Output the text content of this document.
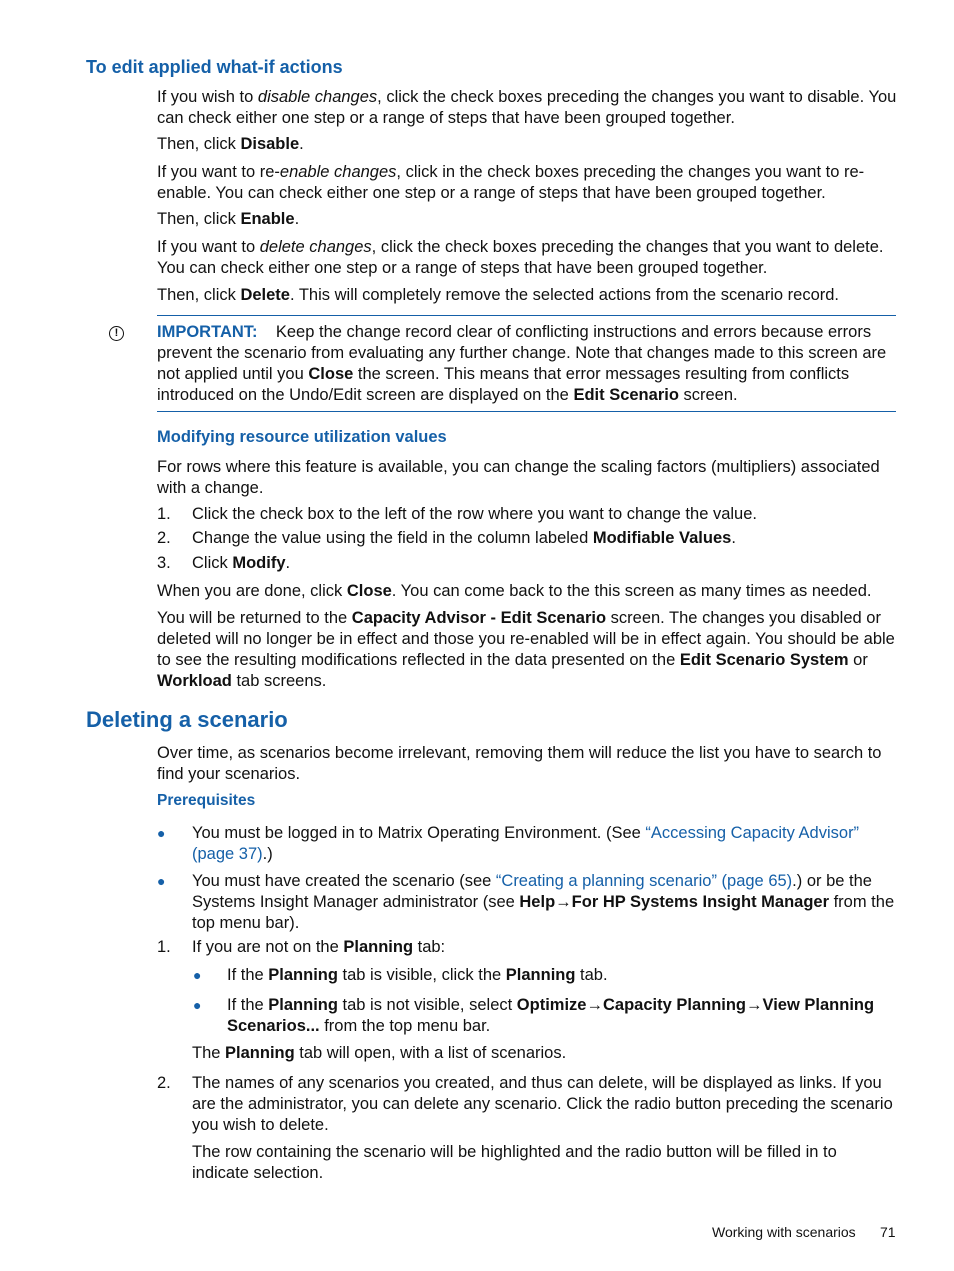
To edit applied what-if actions

If you wish to disable changes, click the check boxes preceding the changes you want to disable. You can check either one step or a range of steps that have been grouped together.

Then, click Disable.

If you want to re-enable changes, click in the check boxes preceding the changes you want to re-enable. You can check either one step or a range of steps that have been grouped together.

Then, click Enable.

If you want to delete changes, click the check boxes preceding the changes that you want to delete. You can check either one step or a range of steps that have been grouped together.

Then, click Delete. This will completely remove the selected actions from the scenario record.

!	IMPORTANT: Keep the change record clear of conflicting instructions and errors because errors prevent the scenario from evaluating any further change. Note that changes made to this screen are not applied until you Close the screen. This means that error messages resulting from conflicts introduced on the Undo/Edit screen are displayed on the Edit Scenario screen.

Modifying resource utilization values

For rows where this feature is available, you can change the scaling factors (multipliers) associated with a change.

1. Click the check box to the left of the row where you want to change the value.

2. Change the value using the field in the column labeled Modifiable Values.

3. Click Modify.

When you are done, click Close. You can come back to the this screen as many times as needed.

You will be returned to the Capacity Advisor - Edit Scenario screen. The changes you disabled or deleted will no longer be in effect and those you re-enabled will be in effect again. You should be able to see the resulting modifications reflected in the data presented on the Edit Scenario System or Workload tab screens.

Deleting a scenario

Over time, as scenarios become irrelevant, removing them will reduce the list you have to search to find your scenarios.

Prerequisites
● You must be logged in to Matrix Operating Environment. (See “Accessing Capacity Advisor” (page 37).)

● You must have created the scenario (see “Creating a planning scenario” (page 65).) or be the Systems Insight Manager administrator (see Help→For HP Systems Insight Manager from the top menu bar).

1. If you are not on the Planning tab:

● If the Planning tab is visible, click the Planning tab.

● If the Planning tab is not visible, select Optimize→Capacity Planning→View Planning Scenarios... from the top menu bar.

The Planning tab will open, with a list of scenarios.

2. The names of any scenarios you created, and thus can delete, will be displayed as links. If you are the administrator, you can delete any scenario. Click the radio button preceding the scenario you wish to delete.

The row containing the scenario will be highlighted and the radio button will be filled in to indicate selection.

Working with scenarios 71
